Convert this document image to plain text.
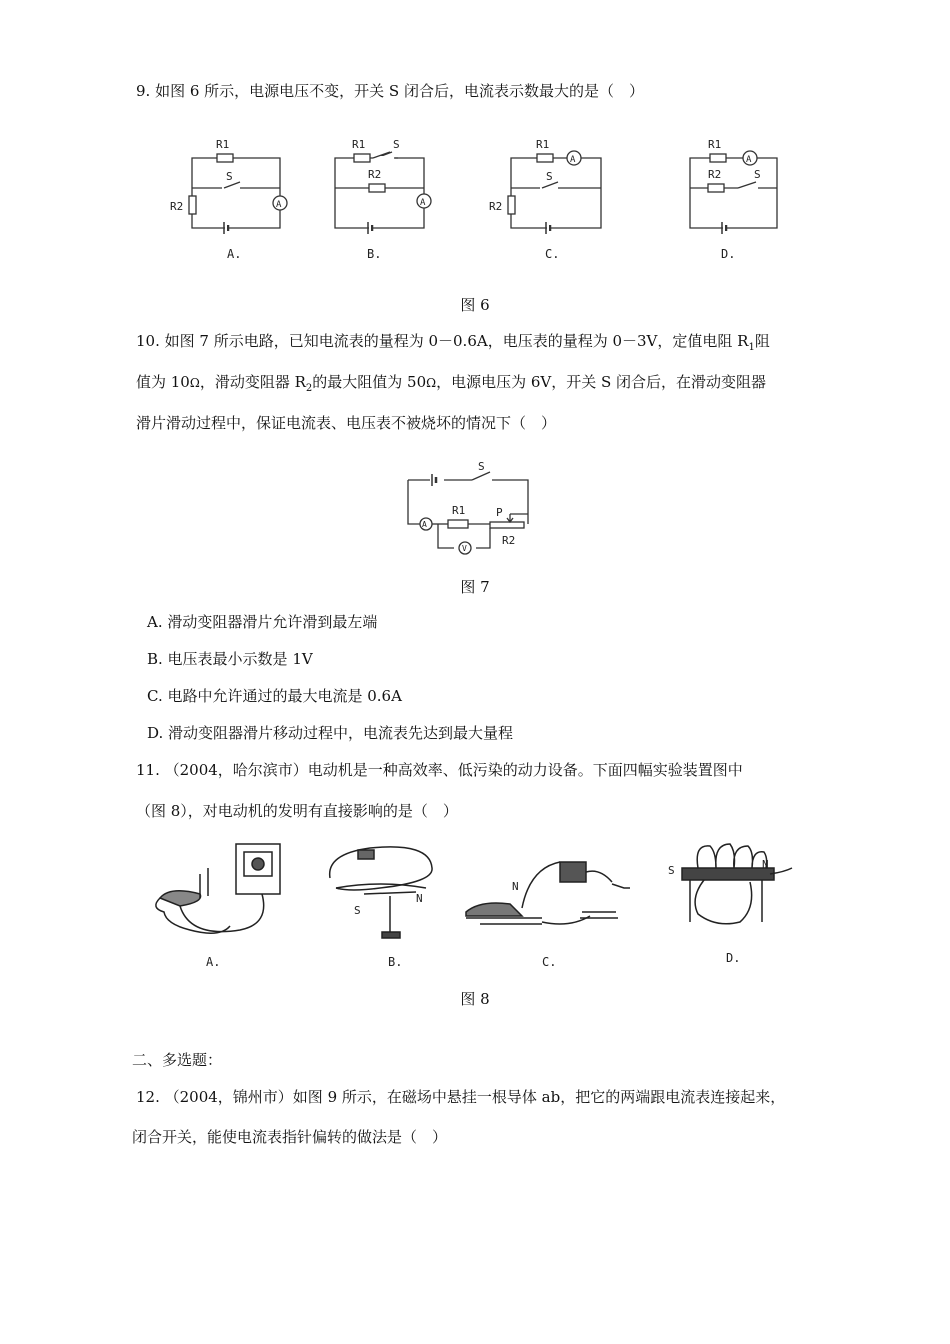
9. 如图 6 所示，电源电压不变，开关 S 闭合后，电流表示数最大的是（　）
R1
S
R2	A
A.
R1	S
R2
A
B.
R1
S
R2
A
C.
R1
R2	S
A
D.
图 6
10. 如图 7 所示电路，已知电流表的量程为 0－0.6A，电压表的量程为 0－3V，定值电阻 $R_1$阻
值为 10Ω，滑动变阻器 $R_2$的最大阻值为 50Ω，电源电压为 6V，开关 S 闭合后，在滑动变阻器
滑片滑动过程中，保证电流表、电压表不被烧坏的情况下（　）
S
R1	P
R2
A
V
图 7
A. 滑动变阻器滑片允许滑到最左端
B. 电压表最小示数是 1V
C. 电路中允许通过的最大电流是 0.6A
D. 滑动变阻器滑片移动过程中，电流表先达到最大量程
11. （2004，哈尔滨市）电动机是一种高效率、低污染的动力设备。下面四幅实验装置图中
（图 8），对电动机的发明有直接影响的是（　）
A.
S
N
B.
N
C.
S	N
D.
图 8
二、多选题：
12. （2004，锦州市）如图 9 所示，在磁场中悬挂一根导体 ab，把它的两端跟电流表连接起来，
闭合开关，能使电流表指针偏转的做法是（　）
